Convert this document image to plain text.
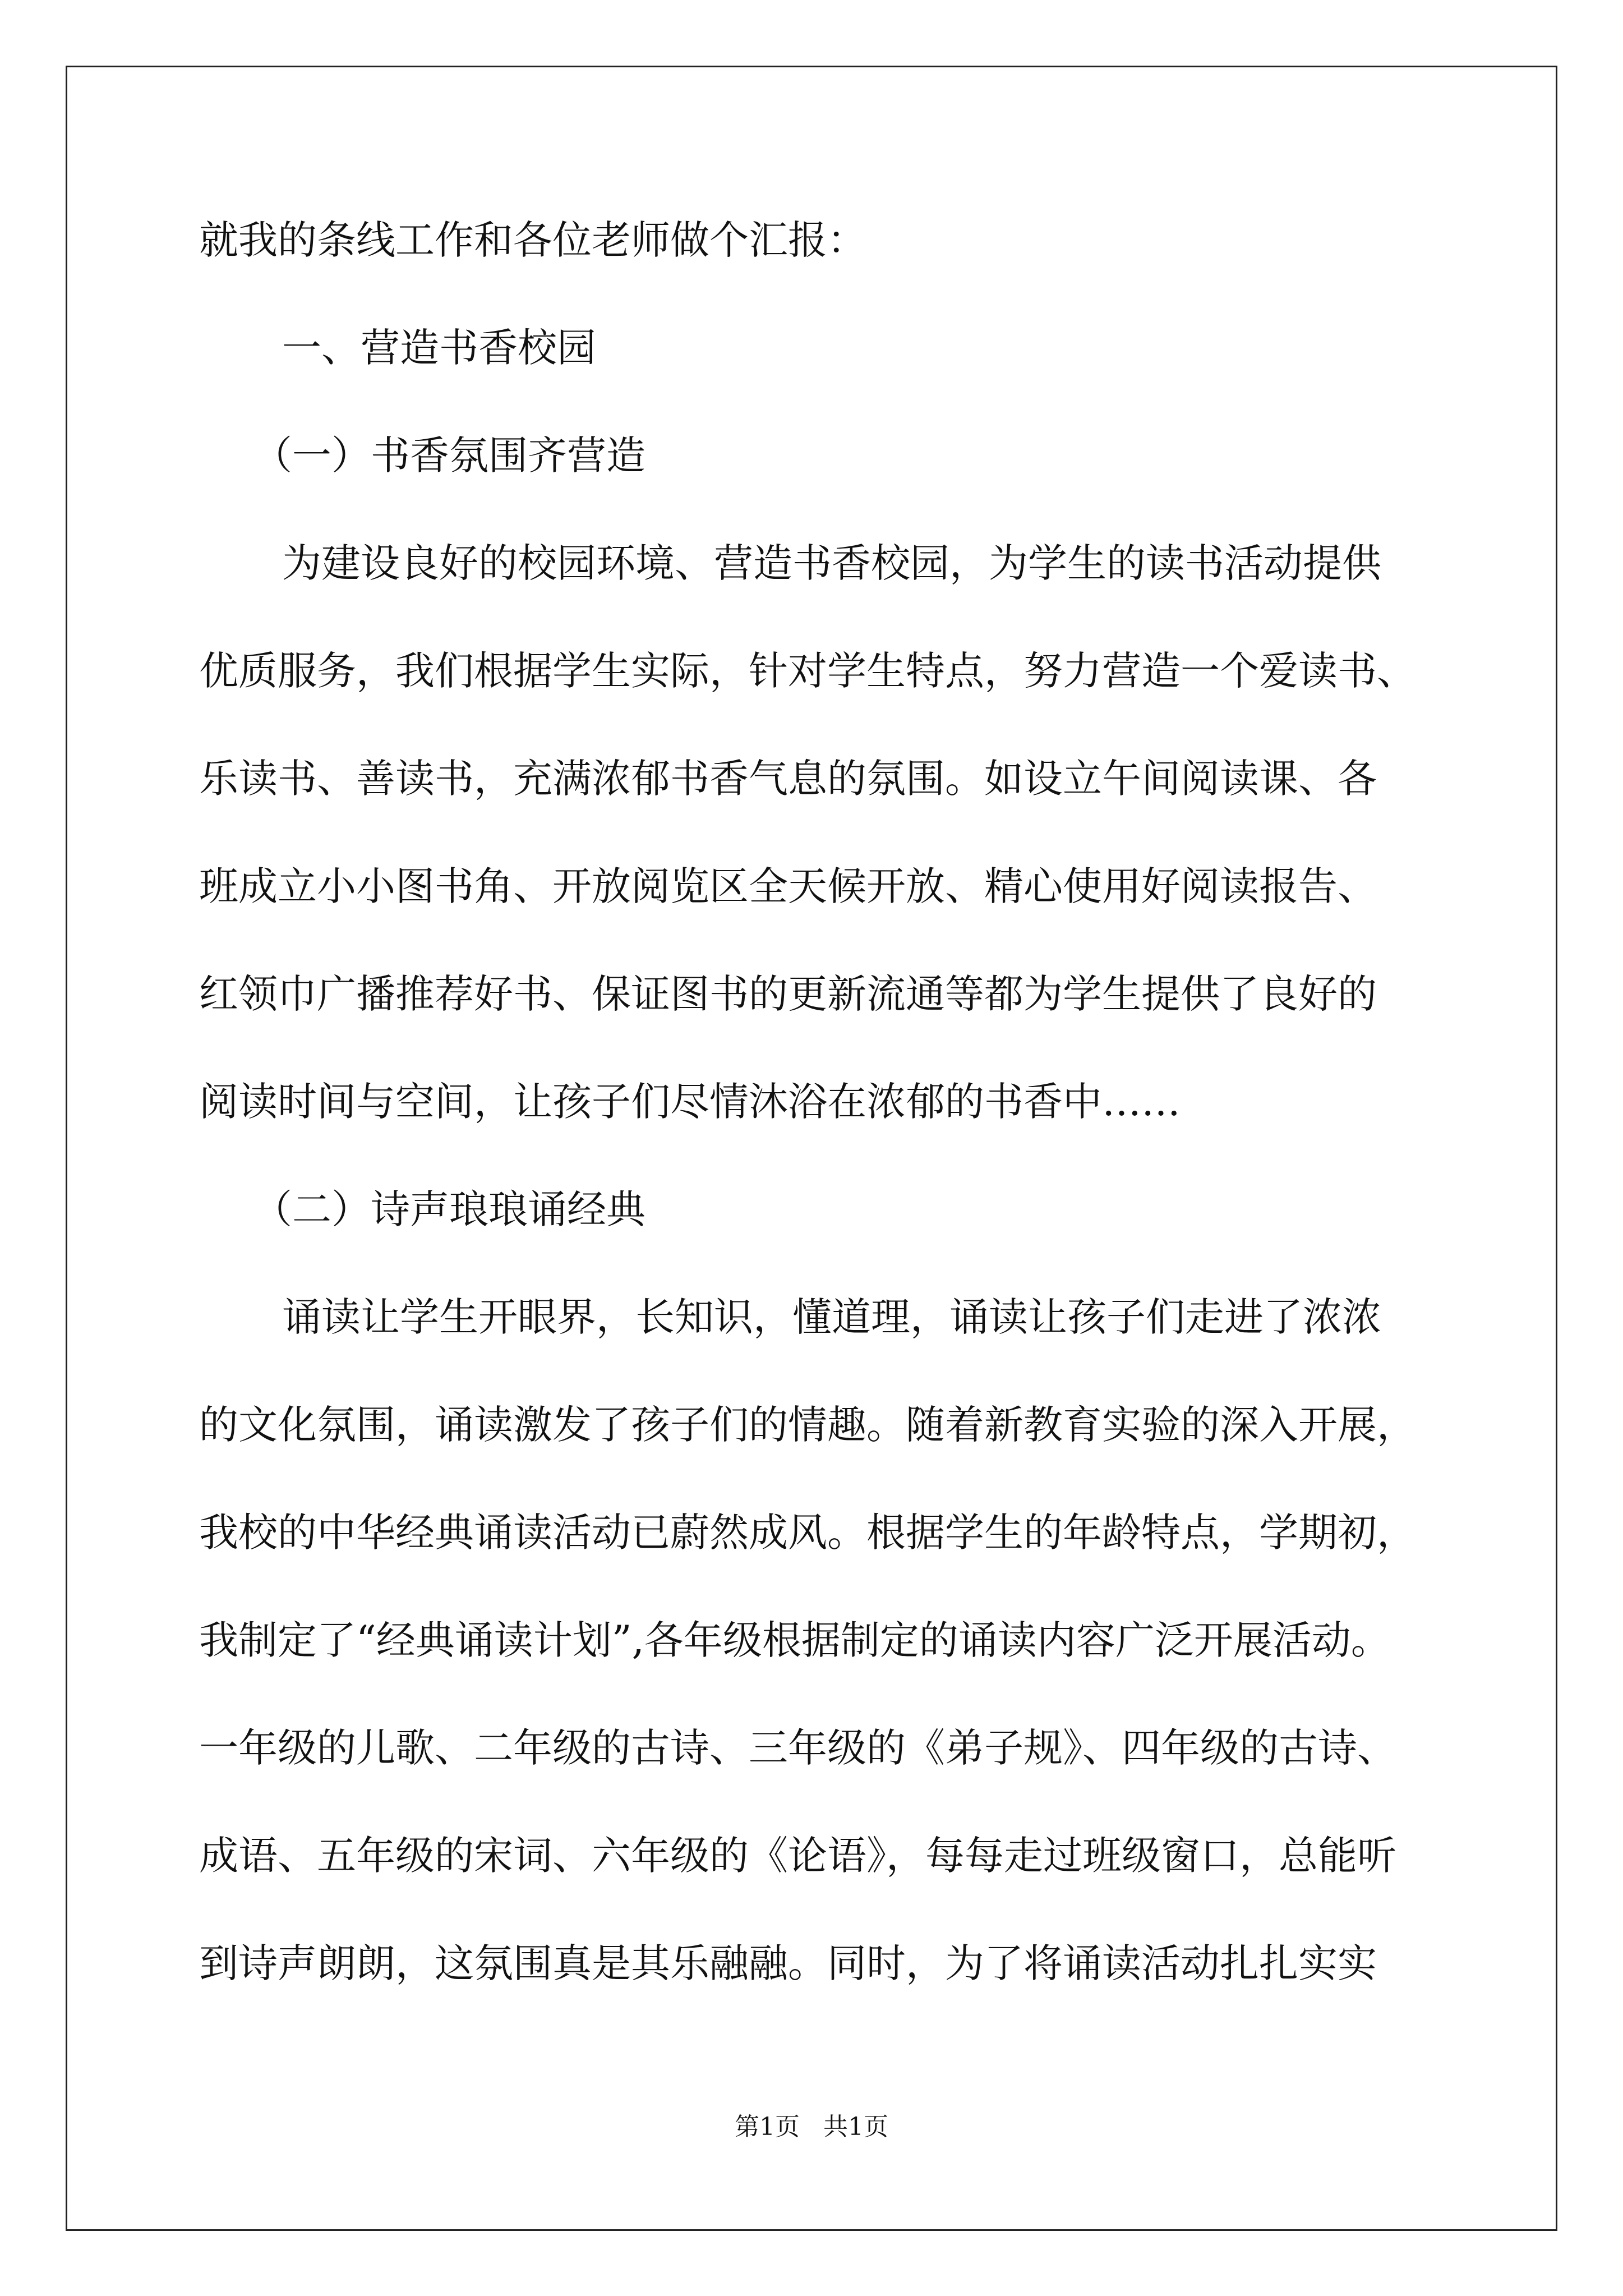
就我的条线工作和各位老师做个汇报：
一、营造书香校园
（一）书香氛围齐营造
为建设良好的校园环境、营造书香校园，为学生的读书活动提供
优质服务，我们根据学生实际，针对学生特点，努力营造一个爱读书、
乐读书、善读书，充满浓郁书香气息的氛围。如设立午间阅读课、各
班成立小小图书角、开放阅览区全天候开放、精心使用好阅读报告、
红领巾广播推荐好书、保证图书的更新流通等都为学生提供了良好的
阅读时间与空间，让孩子们尽情沐浴在浓郁的书香中……
（二）诗声琅琅诵经典
诵读让学生开眼界，长知识，懂道理，诵读让孩子们走进了浓浓
的文化氛围，诵读激发了孩子们的情趣。随着新教育实验的深入开展，
我校的中华经典诵读活动已蔚然成风。根据学生的年龄特点，学期初，
我制定了“经典诵读计划”,各年级根据制定的诵读内容广泛开展活动。
一年级的儿歌、二年级的古诗、三年级的《弟子规》、四年级的古诗、
成语、五年级的宋词、六年级的《论语》，每每走过班级窗口，总能听
到诗声朗朗，这氛围真是其乐融融。同时，为了将诵读活动扎扎实实
第1页   共1页
